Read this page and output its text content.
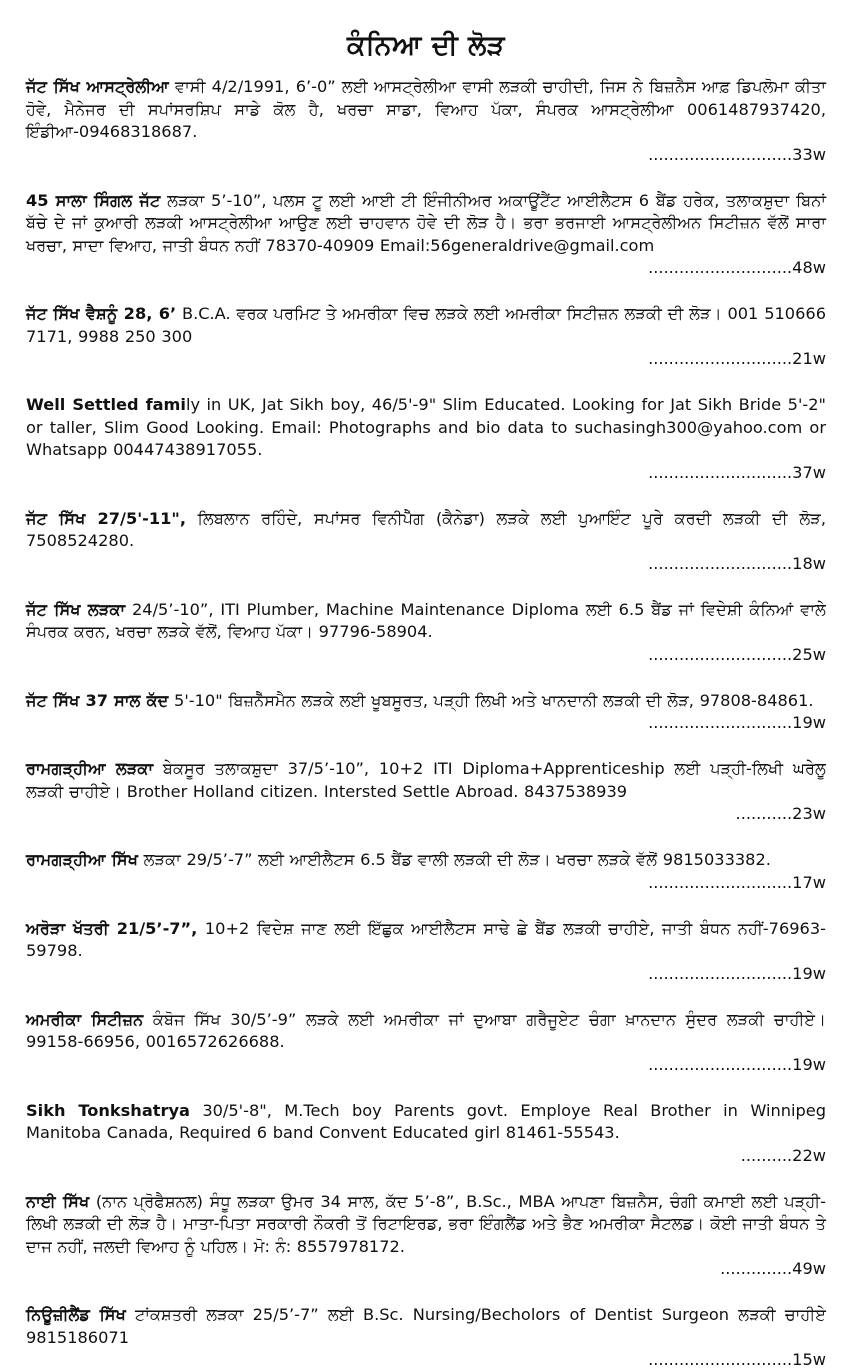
ਕੰਨਿਆ ਦੀ ਲੋੜ
ਜੱਟ ਸਿੱਖ ਆਸਟ੍ਰੇਲੀਆ ਵਾਸੀ 4/2/1991, 6’-0” ਲਈ ਆਸਟ੍ਰੇਲੀਆ ਵਾਸੀ ਲੜਕੀ ਚਾਹੀਦੀ, ਜਿਸ ਨੇ ਬਿਜ਼ਨੈਸ ਆਫ਼ ਡਿਪਲੋਮਾ ਕੀਤਾ ਹੋਵੇ, ਮੈਨੇਜਰ ਦੀ ਸਪਾਂਸਰਸ਼ਿਪ ਸਾਡੇ ਕੋਲ ਹੈ, ਖਰਚਾ ਸਾਡਾ, ਵਿਆਹ ਪੱਕਾ, ਸੰਪਰਕ ਆਸਟ੍ਰੇਲੀਆ 0061487937420, ਇੰਡੀਆ-09468318687.
............................33w
45 ਸਾਲਾ ਸਿੰਗਲ ਜੱਟ ਲੜਕਾ 5’-10”, ਪਲਸ ਟੂ ਲਈ ਆਈ ਟੀ ਇੰਜੀਨੀਅਰ ਅਕਾਊਂਟੈਂਟ ਆਈਲੈਟਸ 6 ਬੈਂਡ ਹਰੇਕ, ਤਲਾਕਸ਼ੁਦਾ ਬਿਨਾਂ ਬੱਚੇ ਦੇ ਜਾਂ ਕੁਆਰੀ ਲੜਕੀ ਆਸਟ੍ਰੇਲੀਆ ਆਉਣ ਲਈ ਚਾਹਵਾਨ ਹੋਵੇ ਦੀ ਲੋੜ ਹੈ। ਭਰਾ ਭਰਜਾਈ ਆਸਟ੍ਰੇਲੀਅਨ ਸਿਟੀਜ਼ਨ ਵੱਲੋਂ ਸਾਰਾ ਖਰਚਾ, ਸਾਦਾ ਵਿਆਹ, ਜਾਤੀ ਬੰਧਨ ਨਹੀਂ 78370-40909 Email:56generaldrive@gmail.com
............................48w
ਜੱਟ ਸਿੱਖ ਵੈਸ਼ਨੂੰ 28, 6’ B.C.A. ਵਰਕ ਪਰਮਿਟ ਤੇ ਅਮਰੀਕਾ ਵਿਚ ਲੜਕੇ ਲਈ ਅਮਰੀਕਾ ਸਿਟੀਜ਼ਨ ਲੜਕੀ ਦੀ ਲੋੜ। 001 510666 7171, 9988 250 300
............................21w
Well Settled family in UK, Jat Sikh boy, 46/5'-9" Slim Educated. Looking for Jat Sikh Bride 5'-2" or taller, Slim Good Looking. Email: Photographs and bio data to suchasingh300@yahoo.com or Whatsapp 00447438917055.
............................37w
ਜੱਟ ਸਿੱਖ 27/5'-11", ਲਿਬਲਾਨ ਰਹਿੰਦੇ, ਸਪਾਂਸਰ ਵਿਨੀਪੈੱਗ (ਕੈਨੇਡਾ) ਲੜਕੇ ਲਈ ਪੁਆਇੰਟ ਪੂਰੇ ਕਰਦੀ ਲੜਕੀ ਦੀ ਲੋੜ, 7508524280.
............................18w
ਜੱਟ ਸਿੱਖ ਲੜਕਾ 24/5’-10”, ITI Plumber, Machine Maintenance Diploma ਲਈ 6.5 ਬੈਂਡ ਜਾਂ ਵਿਦੇਸ਼ੀ ਕੰਨਿਆਂ ਵਾਲੇ ਸੰਪਰਕ ਕਰਨ, ਖਰਚਾ ਲੜਕੇ ਵੱਲੋਂ, ਵਿਆਹ ਪੱਕਾ। 97796-58904.
............................25w
ਜੱਟ ਸਿੱਖ 37 ਸਾਲ ਕੱਦ 5'-10" ਬਿਜ਼ਨੈੱਸਮੈਨ ਲੜਕੇ ਲਈ ਖੂਬਸੂਰਤ, ਪੜ੍ਹੀ ਲਿਖੀ ਅਤੇ ਖਾਨਦਾਨੀ ਲੜਕੀ ਦੀ ਲੋੜ, 97808-84861.
............................19w
ਰਾਮਗੜ੍ਹੀਆ ਲੜਕਾ ਬੇਕਸੂਰ ਤਲਾਕਸ਼ੁਦਾ 37/5’-10”, 10+2 ITI Diploma+Apprenticeship ਲਈ ਪੜ੍ਹੀ-ਲਿਖੀ ਘਰੇਲੂ ਲੜਕੀ ਚਾਹੀਏ। Brother Holland citizen. Intersted Settle Abroad. 8437538939
...........23w
ਰਾਮਗੜ੍ਹੀਆ ਸਿੱਖ ਲੜਕਾ 29/5’-7” ਲਈ ਆਈਲੈਟਸ 6.5 ਬੈਂਡ ਵਾਲੀ ਲੜਕੀ ਦੀ ਲੋੜ। ਖਰਚਾ ਲੜਕੇ ਵੱਲੋਂ 9815033382.
............................17w
ਅਰੋੜਾ ਖੱਤਰੀ 21/5’-7”, 10+2 ਵਿਦੇਸ਼ ਜਾਣ ਲਈ ਇੱਛੁਕ ਆਈਲੈਟਸ ਸਾਢੇ ਛੇ ਬੈਂਡ ਲੜਕੀ ਚਾਹੀਏ, ਜਾਤੀ ਬੰਧਨ ਨਹੀਂ-76963-59798.
............................19w
ਅਮਰੀਕਾ ਸਿਟੀਜ਼ਨ ਕੰਬੋਜ ਸਿੱਖ 30/5’-9” ਲੜਕੇ ਲਈ ਅਮਰੀਕਾ ਜਾਂ ਦੁਆਬਾ ਗਰੈਜੂਏਟ ਚੰਗਾ ਖ਼ਾਨਦਾਨ ਸੁੰਦਰ ਲੜਕੀ ਚਾਹੀਏ। 99158-66956, 0016572626688.
............................19w
Sikh Tonkshatrya 30/5'-8", M.Tech boy Parents govt. Employe Real Brother in Winnipeg Manitoba Canada, Required 6 band Convent Educated girl 81461-55543.
..........22w
ਨਾਈ ਸਿੱਖ (ਨਾਨ ਪ੍ਰੋਫੈਸ਼ਨਲ) ਸੰਧੂ ਲੜਕਾ ਉਮਰ 34 ਸਾਲ, ਕੱਦ 5’-8”, B.Sc., MBA ਆਪਣਾ ਬਿਜ਼ਨੈਸ, ਚੰਗੀ ਕਮਾਈ ਲਈ ਪੜ੍ਹੀ-ਲਿਖੀ ਲੜਕੀ ਦੀ ਲੋੜ ਹੈ। ਮਾਤਾ-ਪਿਤਾ ਸਰਕਾਰੀ ਨੌਕਰੀ ਤੋਂ ਰਿਟਾਇਰਡ, ਭਰਾ ਇੰਗਲੈਂਡ ਅਤੇ ਭੈਣ ਅਮਰੀਕਾ ਸੈਟਲਡ। ਕੋਈ ਜਾਤੀ ਬੰਧਨ ਤੇ ਦਾਜ ਨਹੀਂ, ਜਲਦੀ ਵਿਆਹ ਨੂੰ ਪਹਿਲ। ਮੋ: ਨੰ: 8557978172.
..............49w
ਨਿਊਜ਼ੀਲੈਂਡ ਸਿੱਖ ਟਾਂਕਸ਼ਤਰੀ ਲੜਕਾ 25/5’-7” ਲਈ B.Sc. Nursing/Becholors of Dentist Surgeon ਲੜਕੀ ਚਾਹੀਏ 9815186071
............................15w
